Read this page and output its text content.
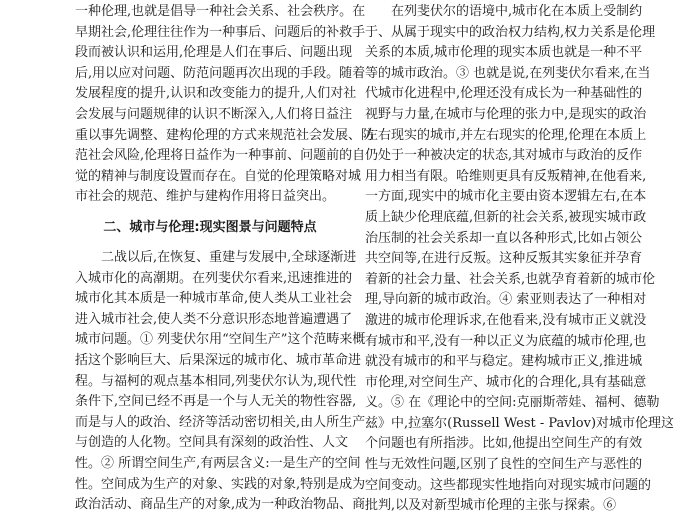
一种伦理,也就是倡导一种社会关系、社会秩序。在
早期社会,伦理往往作为一种事后、问题后的补救手
段而被认识和运用,伦理是人们在事后、问题出现
后,用以应对问题、防范问题再次出现的手段。随着
发展程度的提升,认识和改变能力的提升,人们对社
会发展与问题规律的认识不断深入,人们将日益注
重以事先调整、建构伦理的方式来规范社会发展、防
范社会风险,伦理将日益作为一种事前、问题前的自
觉的精神与制度设置而存在。自觉的伦理策略对城
市社会的规范、维护与建构作用将日益突出。
二、城市与伦理:现实图景与问题特点
二战以后,在恢复、重建与发展中,全球逐渐进
入城市化的高潮期。在列斐伏尔看来,迅速推进的
城市化其本质是一种城市革命,使人类从工业社会
进入城市社会,使人类不分意识形态地普遍遭遇了
城市问题。① 列斐伏尔用“空间生产”这个范畴来概
括这个影响巨大、后果深远的城市化、城市革命进
程。与福柯的观点基本相同,列斐伏尔认为,现代性
条件下,空间已经不再是一个与人无关的物性容器,
而是与人的政治、经济等活动密切相关,由人所生产
与创造的人化物。空间具有深刻的政治性、人文
性。② 所谓空间生产,有两层含义:一是生产的空间
性。空间成为生产的对象、实践的对象,特别是成为
政治活动、商品生产的对象,成为一种政治物品、商
在列斐伏尔的语境中,城市化在本质上受制约
于、从属于现实中的政治权力结构,权力关系是伦理
关系的本质,城市伦理的现实本质也就是一种不平
等的城市政治。③ 也就是说,在列斐伏尔看来,在当
代城市化进程中,伦理还没有成长为一种基础性的
视野与力量,在城市与伦理的张力中,是现实的政治
左右现实的城市,并左右现实的伦理,伦理在本质上
仍处于一种被决定的状态,其对城市与政治的反作
用力相当有限。哈维则更具有反叛精神,在他看来,
一方面,现实中的城市化主要由资本逻辑左右,在本
质上缺少伦理底蕴,但新的社会关系,被现实城市政
治压制的社会关系却一直以各种形式,比如占领公
共空间等,在进行反叛。这种反叛其实象征并孕育
着新的社会力量、社会关系,也就孕育着新的城市伦
理,导向新的城市政治。④ 索亚则表达了一种相对
激进的城市伦理诉求,在他看来,没有城市正义就没
有城市和平,没有一种以正义为底蕴的城市伦理,也
就没有城市的和平与稳定。建构城市正义,推进城
市伦理,对空间生产、城市化的合理化,具有基础意
义。⑤ 在《理论中的空间:克丽斯蒂娃、福柯、德勒
兹》中,拉塞尔(Russell West - Pavlov)对城市伦理这
个问题也有所指涉。比如,他提出空间生产的有效
性与无效性问题,区别了良性的空间生产与恶性的
空间变动。这些都现实性地指向对现实城市问题的
批判,以及对新型城市伦理的主张与探索。⑥
